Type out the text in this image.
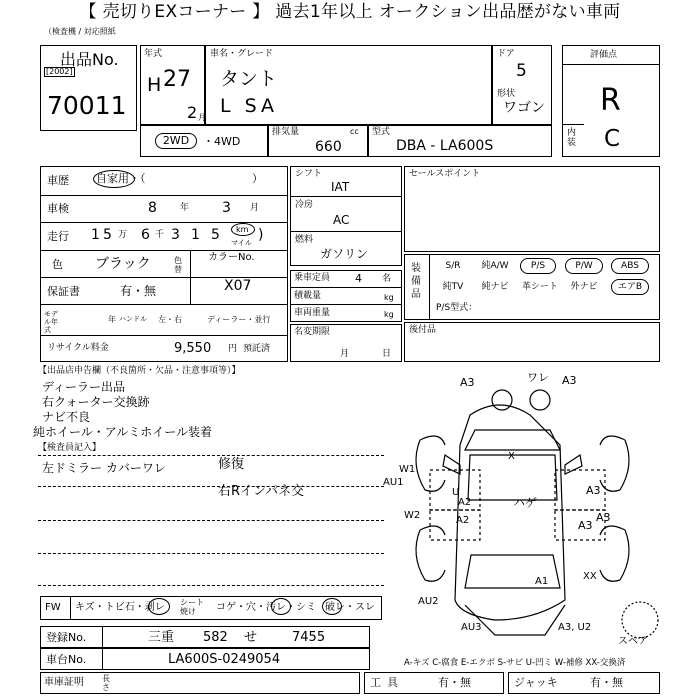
【 売切りEXコーナー 】 過去1年以上 オークション出品歴がない車両
（検査機 / 対応照紙
出品No.
[2002]
70011
年式
H 27
2 月
車名・グレード
タント
L SA
ドア
5
形状
ワゴン
評価点
R
内装 C
2WD	・4WD
排気量	cc
660
型式
DBA - LA600S
車歴 自家用・（	）
車検	8	年 3 月
走行 1 5 万 6 千 3 1 5 km
マイル )
色 ブラック	色替
カラーNo.
X07
保証書	有・無
モデル年式
年 ハンドル 左・右	ディーラー・並行
リサイクル料金	9,550 円 預託済
シフト
IAT
冷房
AC
燃料
ガソリン
乗車定員 4 名
積載量	kg
車両重量	kg
名変期限
月	日
セールスポイント
装備品
S/R	純A/W	P/S	P/W	ABS
純TV	純ナビ	革シート	外ナビ	エアB
P/S型式：
後付品
【出品店申告欄（不良箇所・欠品・注意事項等）】
ディーラー出品
右クォーター交換跡
ナビ不良
純ホイール・アルミホイール装着
【検査員記入】
左ドミラー カバーワレ	修復
右Rインパネ交
A3	ワレ A3
X
W1
AU1
A3
U
ハゲ
A2
A2	A3
A3
A1
W2
XX
AU2
AU3	A3, U2
スペア
FW キズ・トビ石・剥レ シート焼け	コゲ・穴・汚レ・シミ 破レ・スレ
登録No.	三重 582 せ	7455
車台No.	LA600S-0249054	A-キズ C-腐食 E-エクボ S-サビ U-凹ミ W-補修 XX-交換済
車庫証明 長さ	工具	有・無	ジャッキ	有・無
